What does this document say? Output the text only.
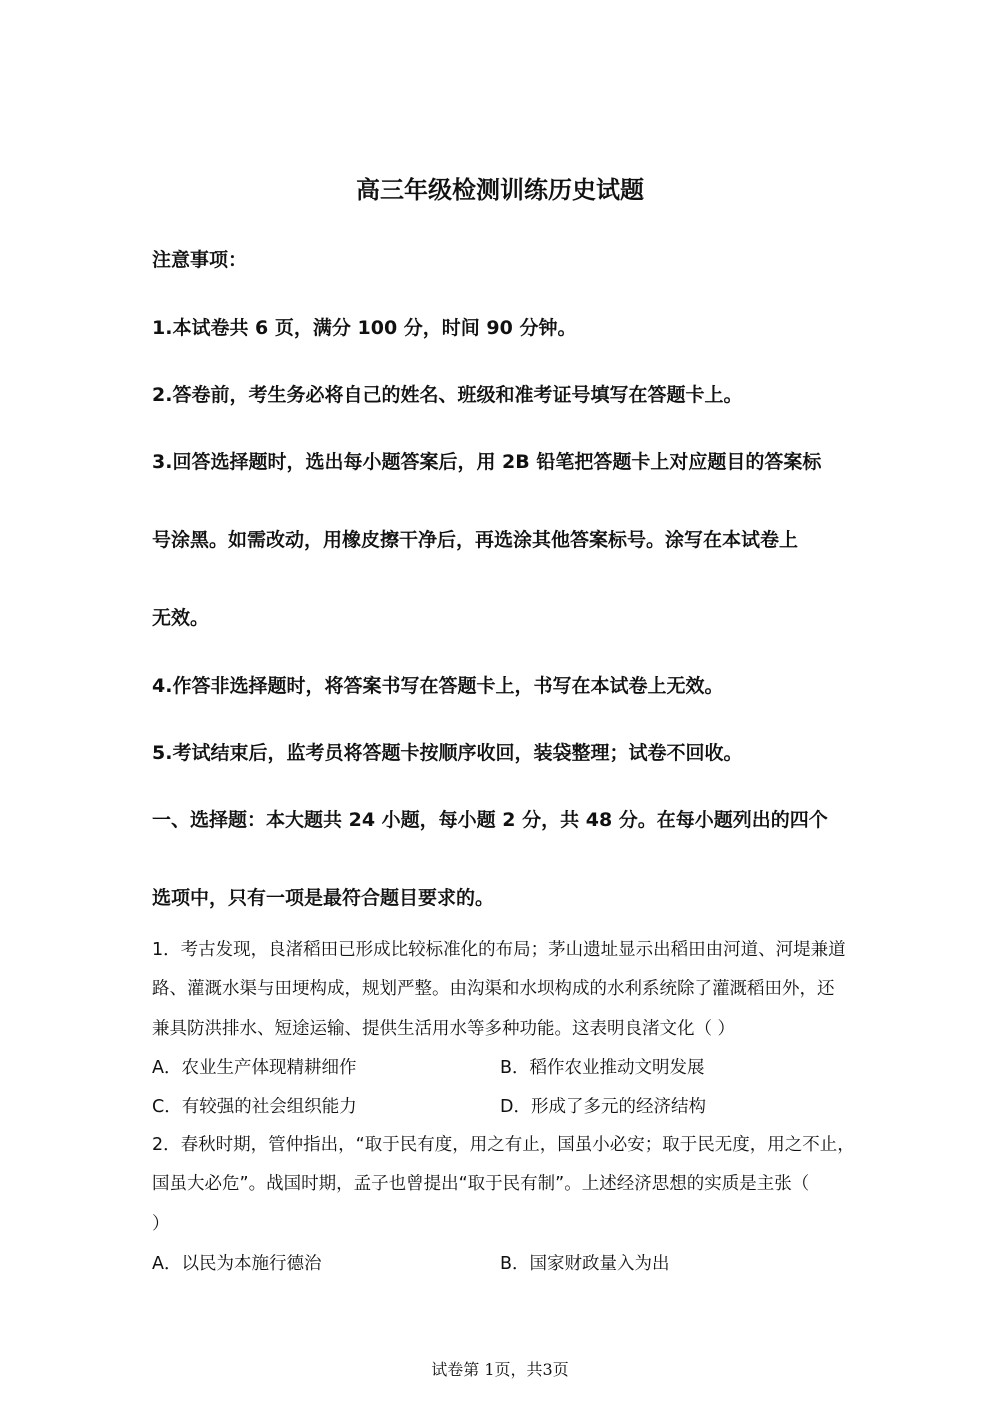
高三年级检测训练历史试题
注意事项：
1.本试卷共 6 页，满分 100 分，时间 90 分钟。
2.答卷前，考生务必将自己的姓名、班级和准考证号填写在答题卡上。
3.回答选择题时，选出每小题答案后，用 2B 铅笔把答题卡上对应题目的答案标
号涂黑。如需改动，用橡皮擦干净后，再选涂其他答案标号。涂写在本试卷上
无效。
4.作答非选择题时，将答案书写在答题卡上，书写在本试卷上无效。
5.考试结束后，监考员将答题卡按顺序收回，装袋整理；试卷不回收。
一、选择题：本大题共 24 小题，每小题 2 分，共 48 分。在每小题列出的四个
选项中，只有一项是最符合题目要求的。
1．考古发现，良渚稻田已形成比较标准化的布局；茅山遗址显示出稻田由河道、河堤兼道
路、灌溉水渠与田埂构成，规划严整。由沟渠和水坝构成的水利系统除了灌溉稻田外，还
兼具防洪排水、短途运输、提供生活用水等多种功能。这表明良渚文化（ ）
A．农业生产体现精耕细作	B．稻作农业推动文明发展
C．有较强的社会组织能力	D．形成了多元的经济结构
2．春秋时期，管仲指出，“取于民有度，用之有止，国虽小必安；取于民无度，用之不止，
国虽大必危”。战国时期，孟子也曾提出“取于民有制”。上述经济思想的实质是主张（
）
A．以民为本施行德治	B．国家财政量入为出
试卷第 1页，共3页
